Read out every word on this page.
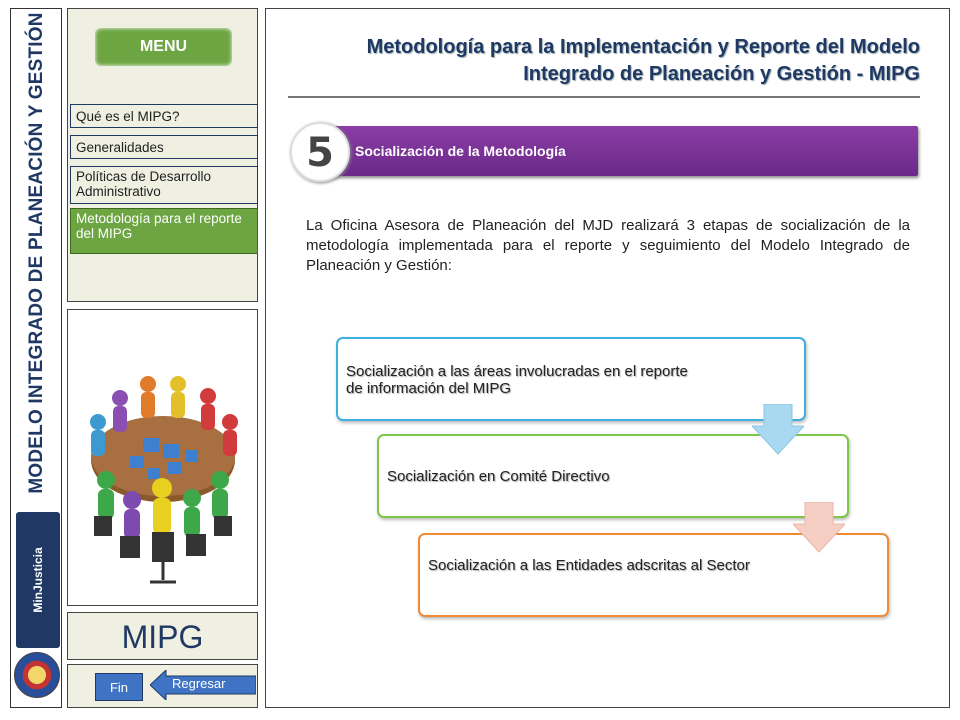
MODELO INTEGRADO DE PLANEACIÓN Y GESTIÓN
MinJusticia
MENU
Qué es el MIPG?
Generalidades
Políticas de Desarrollo Administrativo
Metodología para el reporte del MIPG
MIPG
Fin	Regresar
Metodología para la Implementación y Reporte del Modelo Integrado de Planeación y Gestión - MIPG
Socialización de la Metodología
5
La Oficina Asesora de Planeación del MJD realizará 3 etapas de socialización de la metodología implementada para el reporte y seguimiento del Modelo Integrado de Planeación y Gestión:
Socialización a las áreas involucradas en el reporte de información del MIPG
Socialización en Comité Directivo
Socialización a las Entidades adscritas al Sector
